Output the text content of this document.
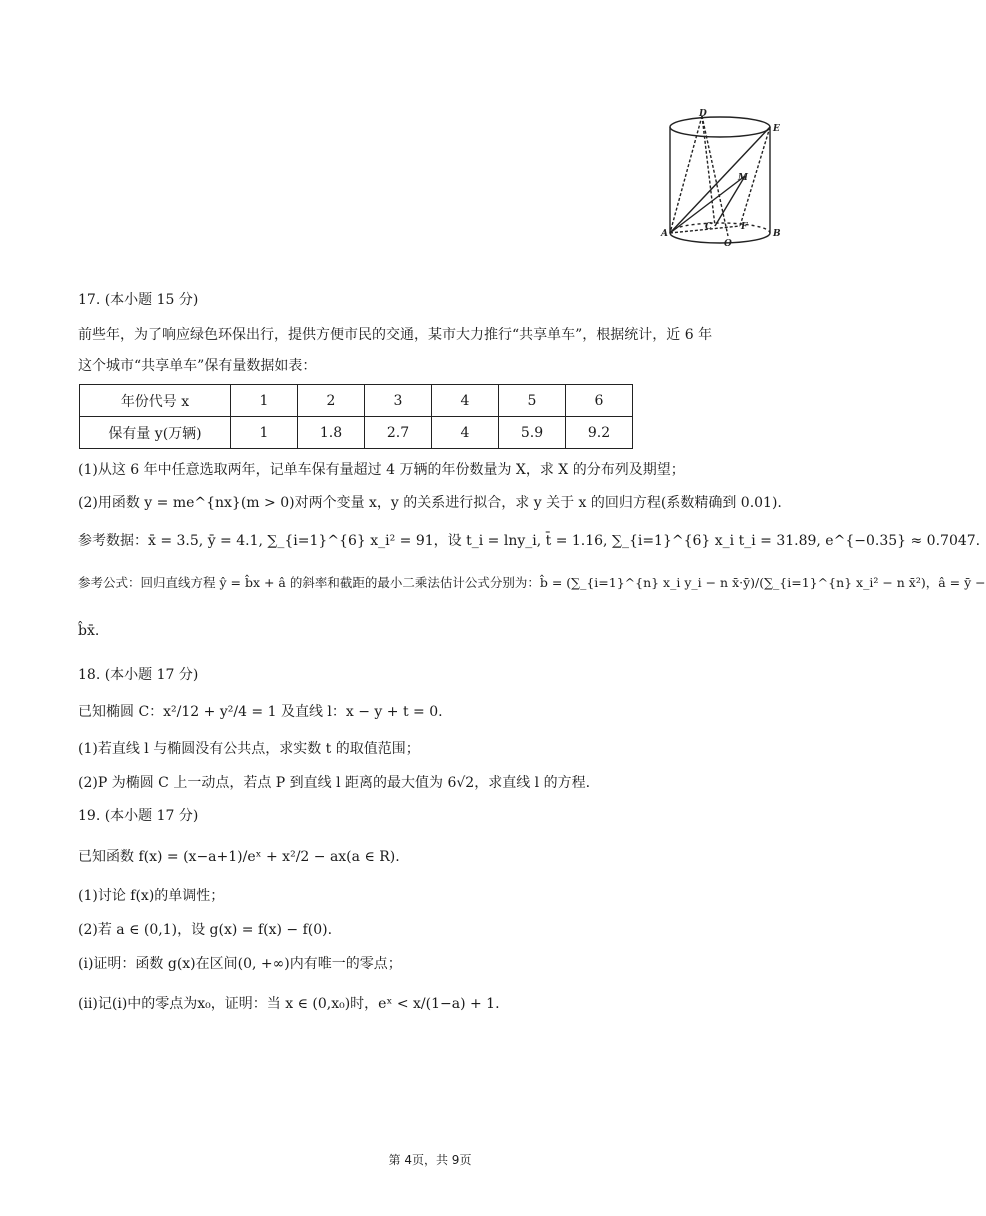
D
E
M
A
C
O
F
B
17. (本小题 15 分)
前些年，为了响应绿色环保出行，提供方便市民的交通，某市大力推行“共享单车”，根据统计，近 6 年
这个城市“共享单车”保有量数据如表：
年份代号 x	1	2	3	4	5	6
保有量 y(万辆)	1	1.8	2.7	4	5.9	9.2
(1)从这 6 年中任意选取两年，记单车保有量超过 4 万辆的年份数量为 X，求 X 的分布列及期望；
(2)用函数 y = me^{nx}(m > 0)对两个变量 x，y 的关系进行拟合，求 y 关于 x 的回归方程(系数精确到 0.01).
参考数据：x̄ = 3.5, ȳ = 4.1, ∑_{i=1}^{6} x_i² = 91，设 t_i = lny_i, t̄ = 1.16, ∑_{i=1}^{6} x_i t_i = 31.89, e^{−0.35} ≈ 0.7047.
参考公式：回归直线方程 ŷ = b̂x + â 的斜率和截距的最小二乘法估计公式分别为：b̂ = (∑_{i=1}^{n} x_i y_i − n x̄·ȳ)/(∑_{i=1}^{n} x_i² − n x̄²)，â = ȳ −
b̂x̄.
18. (本小题 17 分)
已知椭圆 C：x²/12 + y²/4 = 1 及直线 l：x − y + t = 0.
(1)若直线 l 与椭圆没有公共点，求实数 t 的取值范围；
(2)P 为椭圆 C 上一动点，若点 P 到直线 l 距离的最大值为 6√2，求直线 l 的方程.
19. (本小题 17 分)
已知函数 f(x) = (x−a+1)/eˣ + x²/2 − ax(a ∈ R).
(1)讨论 f(x)的单调性；
(2)若 a ∈ (0,1)，设 g(x) = f(x) − f(0).
(ⅰ)证明：函数 g(x)在区间(0, +∞)内有唯一的零点；
(ⅱ)记(ⅰ)中的零点为x₀，证明：当 x ∈ (0,x₀)时，eˣ < x/(1−a) + 1.
第 4页，共 9页
